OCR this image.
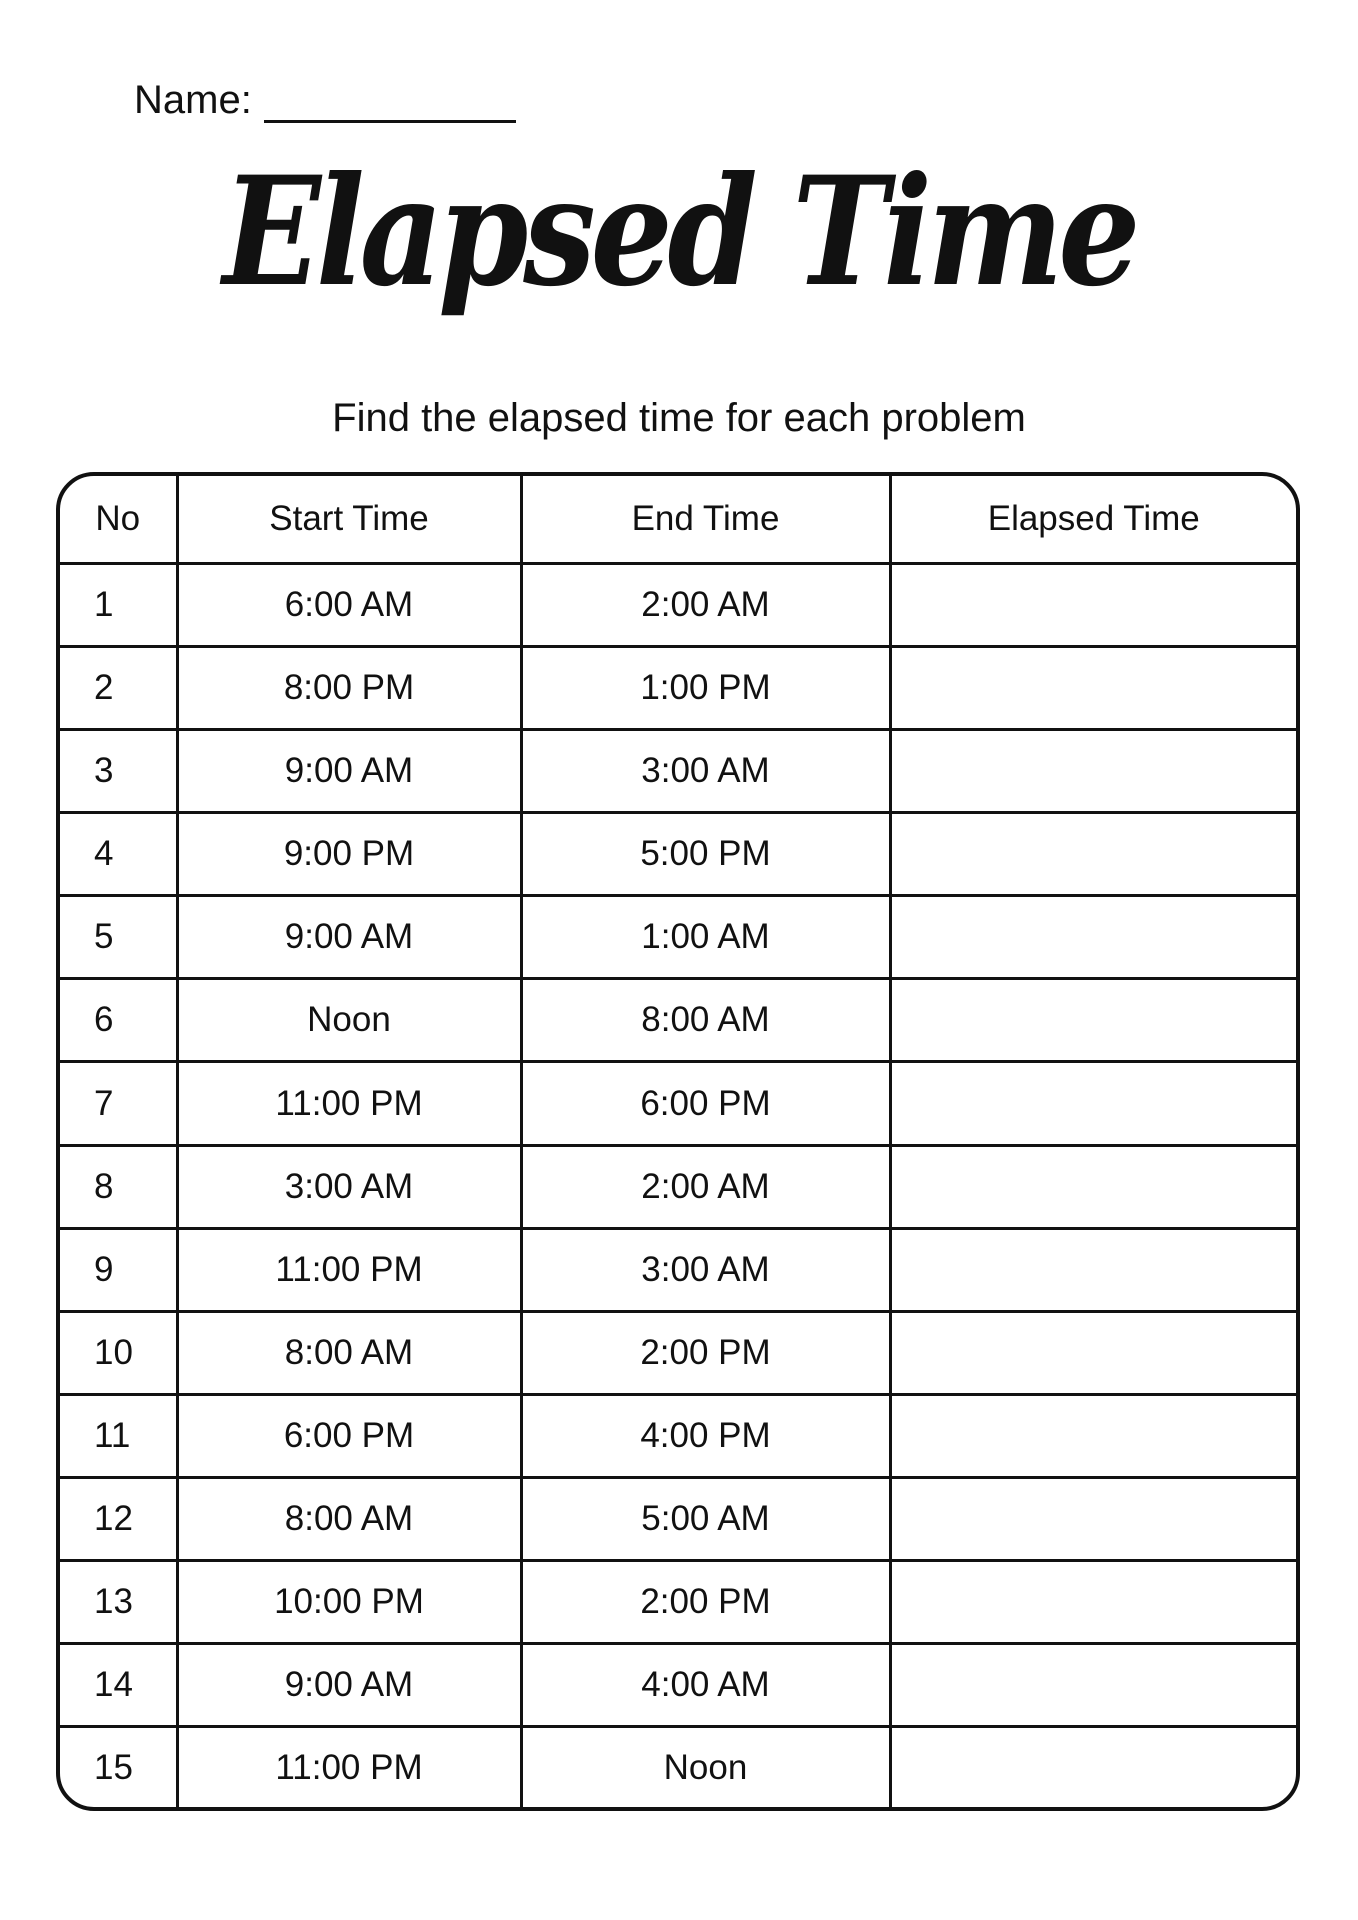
Name:
Elapsed Time
Find the elapsed time for each problem
No	Start Time	End Time	Elapsed Time
1	6:00 AM	2:00 AM	
2	8:00 PM	1:00 PM	
3	9:00 AM	3:00 AM	
4	9:00 PM	5:00 PM	
5	9:00 AM	1:00 AM	
6	Noon	8:00 AM	
7	11:00 PM	6:00 PM	
8	3:00 AM	2:00 AM	
9	11:00 PM	3:00 AM	
10	8:00 AM	2:00 PM	
11	6:00 PM	4:00 PM	
12	8:00 AM	5:00 AM	
13	10:00 PM	2:00 PM	
14	9:00 AM	4:00 AM	
15	11:00 PM	Noon	
